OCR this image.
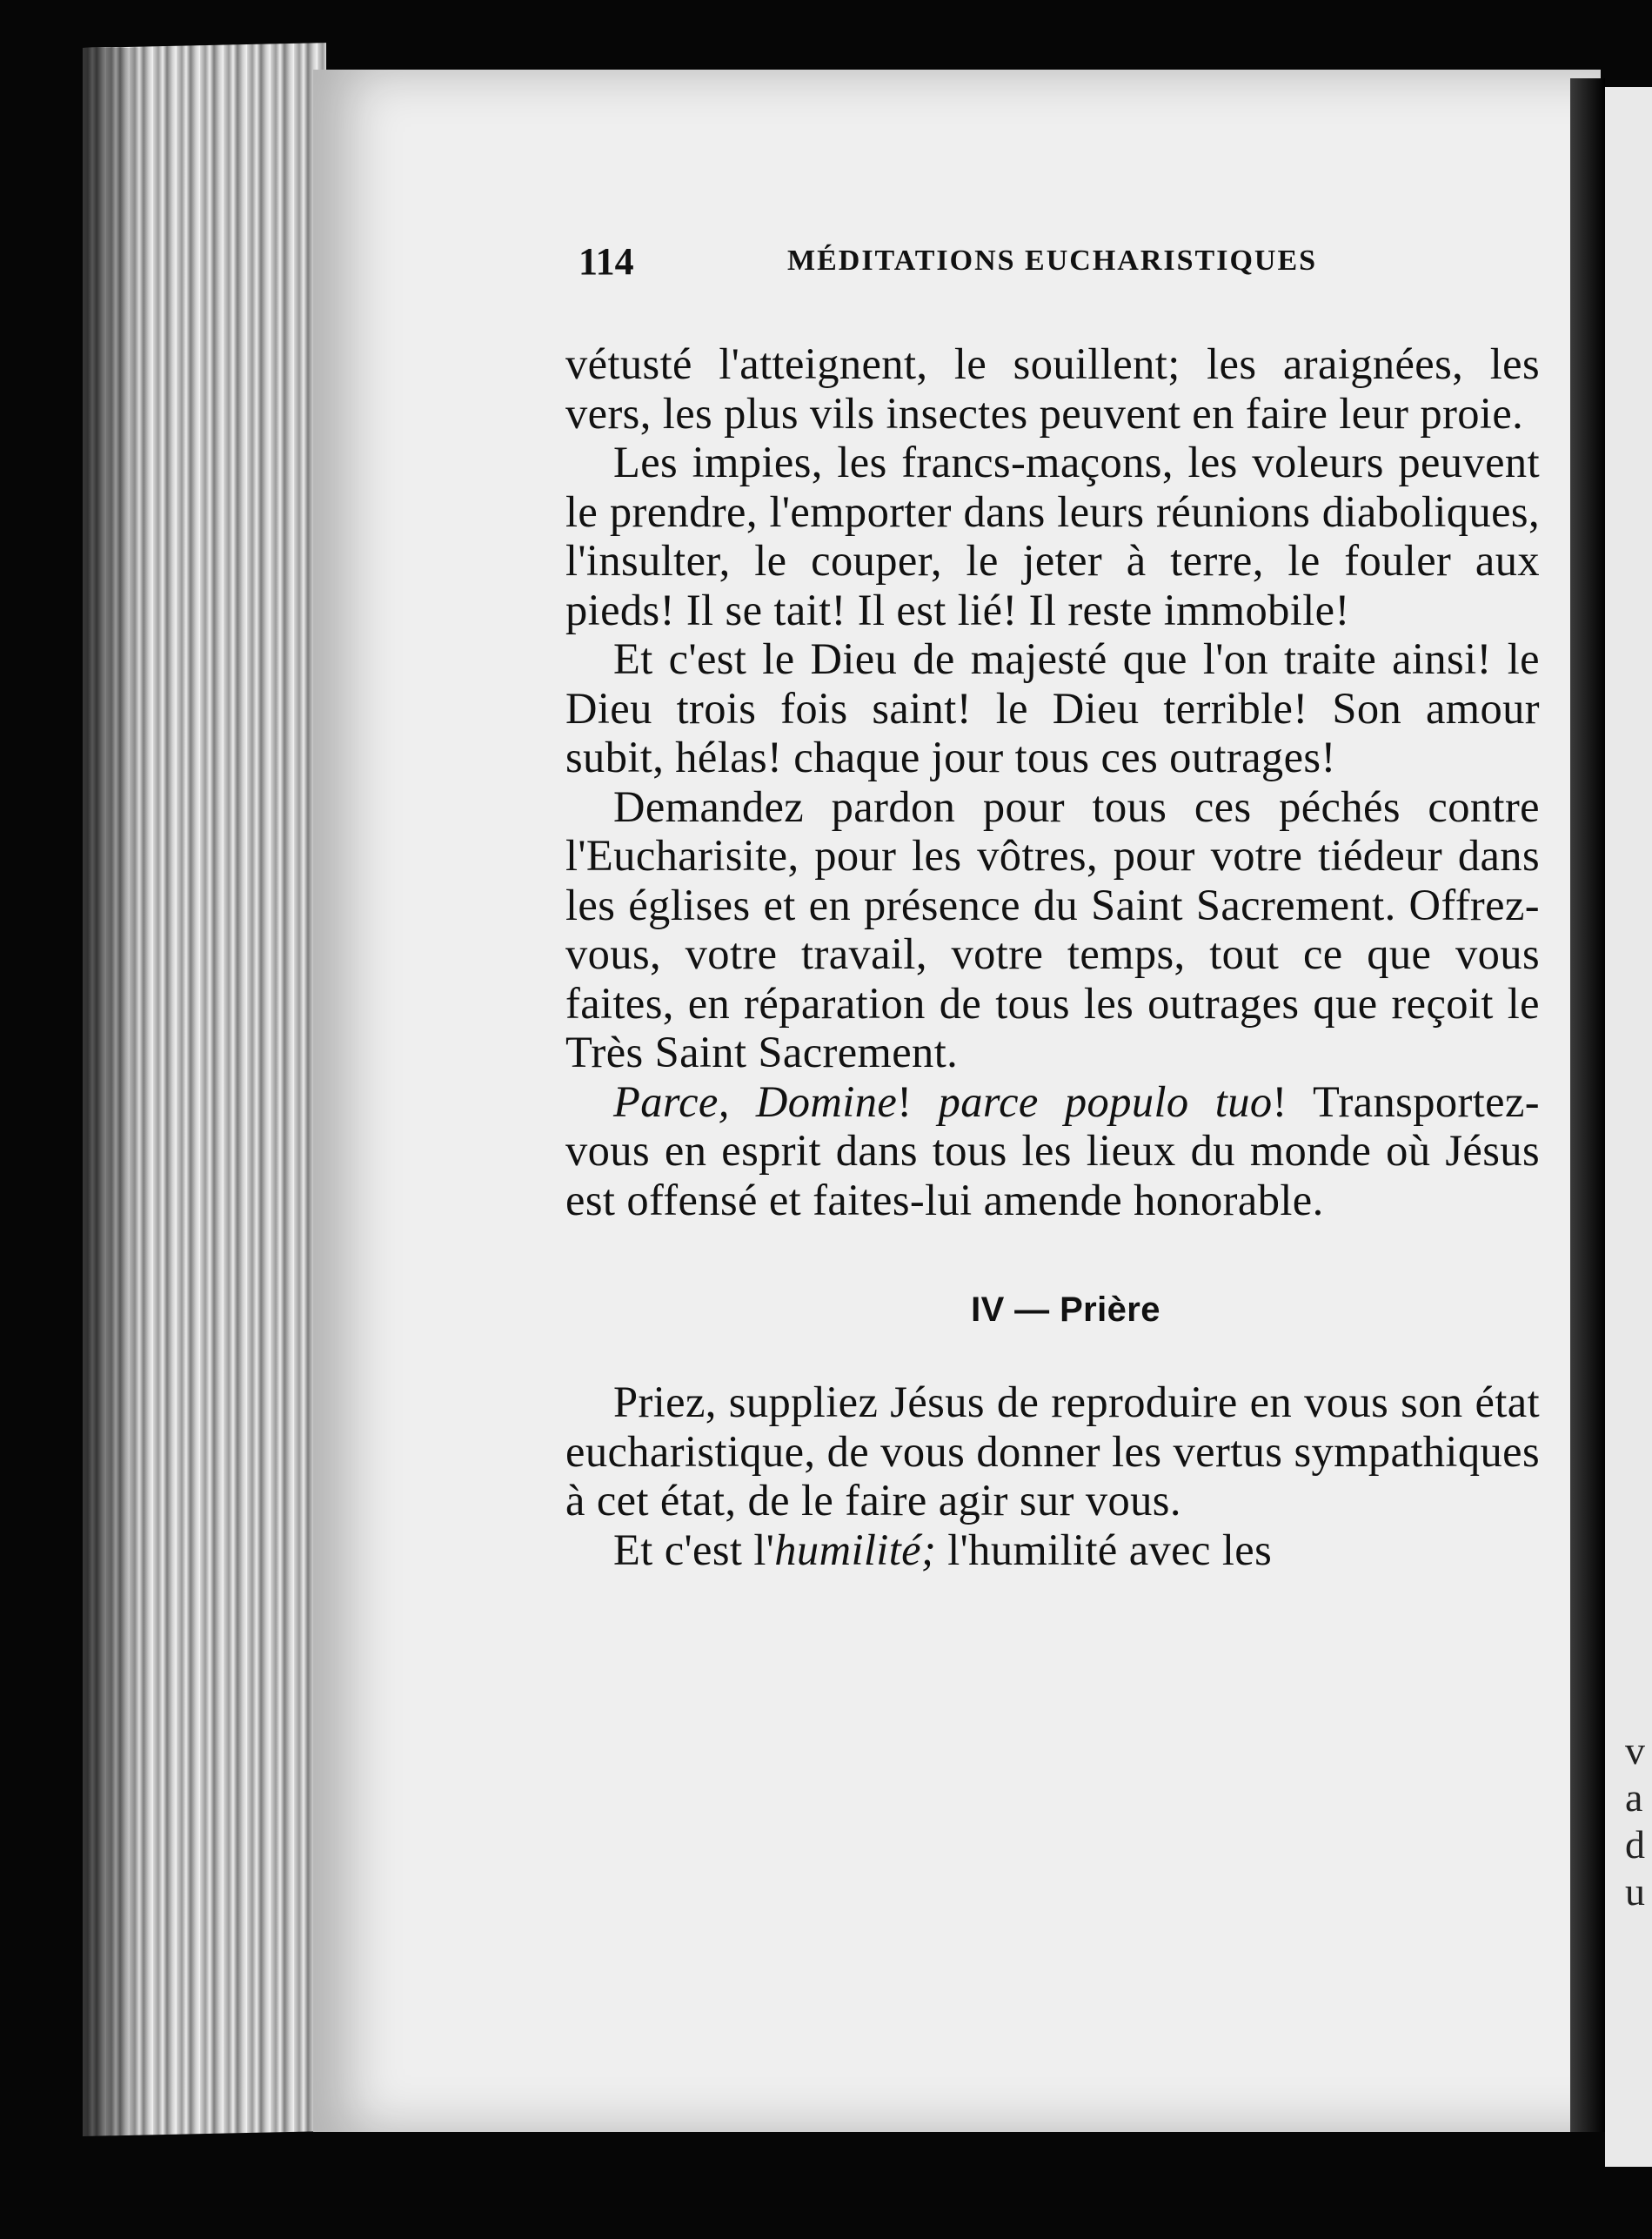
v
a
d
u
114	MÉDITATIONS EUCHARISTIQUES

vétusté l'atteignent, le souillent; les araignées, les vers, les plus vils insectes peuvent en faire leur proie.

Les impies, les francs-maçons, les voleurs peuvent le prendre, l'emporter dans leurs réunions diaboliques, l'insulter, le couper, le jeter à terre, le fouler aux pieds! Il se tait! Il est lié! Il reste immobile!

Et c'est le Dieu de majesté que l'on traite ainsi! le Dieu trois fois saint! le Dieu terrible! Son amour subit, hélas! chaque jour tous ces outrages!

Demandez pardon pour tous ces péchés contre l'Eucharisite, pour les vôtres, pour votre tiédeur dans les églises et en présence du Saint Sacrement. Offrez-vous, votre travail, votre temps, tout ce que vous faites, en réparation de tous les outrages que reçoit le Très Saint Sacrement.

Parce, Domine! parce populo tuo! Transportez-vous en esprit dans tous les lieux du monde où Jésus est offensé et faites-lui amende honorable.

IV — Prière

Priez, suppliez Jésus de reproduire en vous son état eucharistique, de vous donner les vertus sympathiques à cet état, de le faire agir sur vous.

Et c'est l'humilité; l'humilité avec les
